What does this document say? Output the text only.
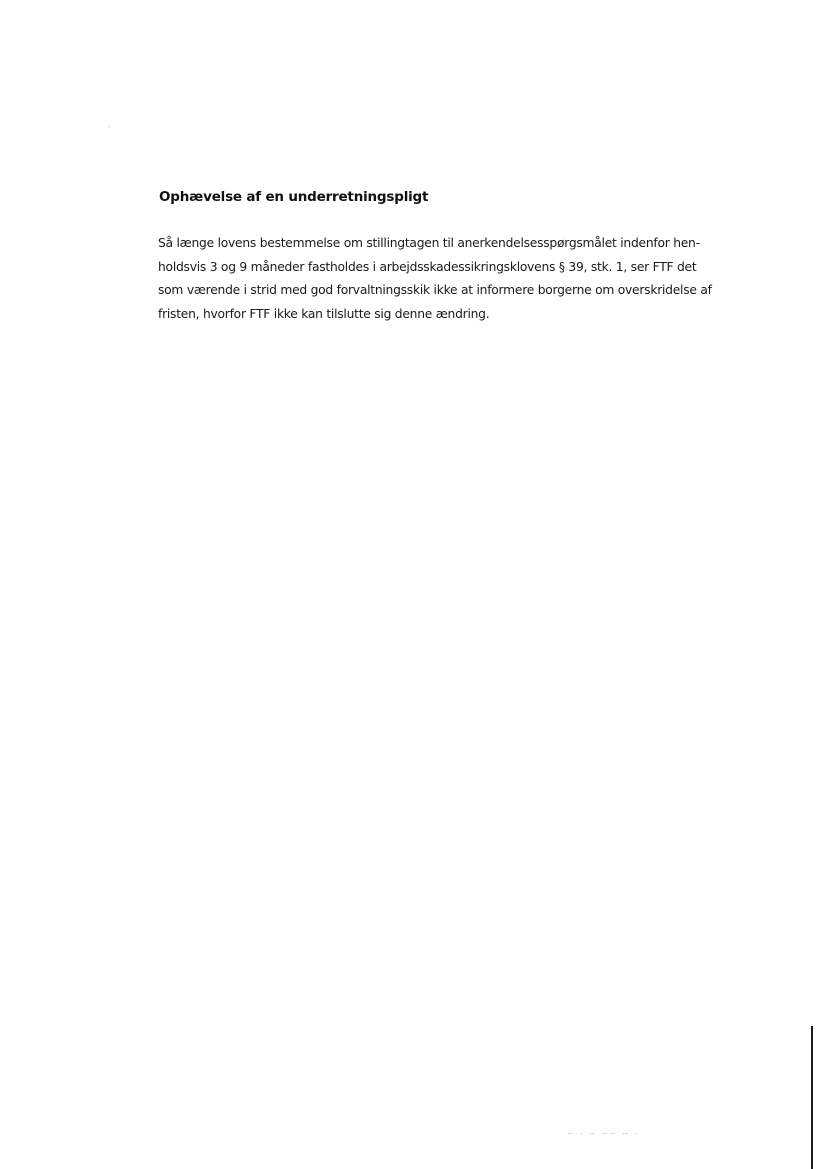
Ophævelse af en underretningspligt

Så længe lovens bestemmelse om stillingtagen til anerkendelsesspørgsmålet indenfor hen-
holdsvis 3 og 9 måneder fastholdes i arbejdsskadessikringsklovens § 39, stk. 1, ser FTF det
som værende i strid med god forvaltningsskik ikke at informere borgerne om overskridelse af
fristen, hvorfor FTF ikke kan tilslutte sig denne ændring.

⋯ ⋅ ⋯ ⋯⋯ ⋯ ⋅
